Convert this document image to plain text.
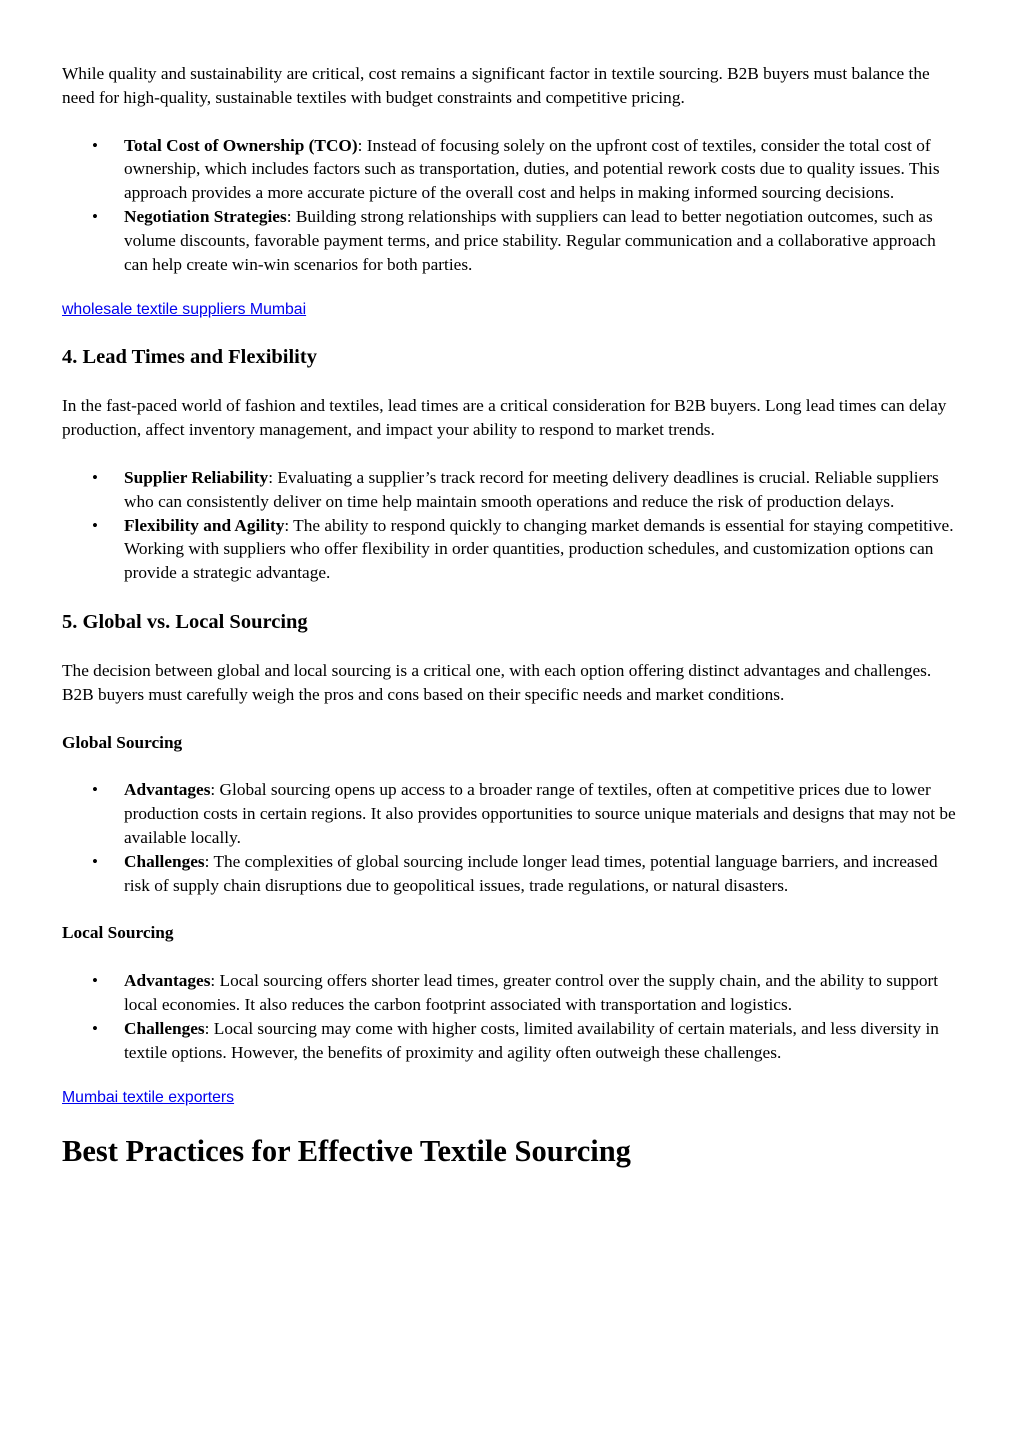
While quality and sustainability are critical, cost remains a significant factor in textile sourcing. B2B buyers must balance the need for high-quality, sustainable textiles with budget constraints and competitive pricing.

• Total Cost of Ownership (TCO): Instead of focusing solely on the upfront cost of textiles, consider the total cost of ownership, which includes factors such as transportation, duties, and potential rework costs due to quality issues. This approach provides a more accurate picture of the overall cost and helps in making informed sourcing decisions.
• Negotiation Strategies: Building strong relationships with suppliers can lead to better negotiation outcomes, such as volume discounts, favorable payment terms, and price stability. Regular communication and a collaborative approach can help create win-win scenarios for both parties.
wholesale textile suppliers Mumbai
4. Lead Times and Flexibility

In the fast-paced world of fashion and textiles, lead times are a critical consideration for B2B buyers. Long lead times can delay production, affect inventory management, and impact your ability to respond to market trends.

• Supplier Reliability: Evaluating a supplier’s track record for meeting delivery deadlines is crucial. Reliable suppliers who can consistently deliver on time help maintain smooth operations and reduce the risk of production delays.
• Flexibility and Agility: The ability to respond quickly to changing market demands is essential for staying competitive. Working with suppliers who offer flexibility in order quantities, production schedules, and customization options can provide a strategic advantage.
5. Global vs. Local Sourcing

The decision between global and local sourcing is a critical one, with each option offering distinct advantages and challenges. B2B buyers must carefully weigh the pros and cons based on their specific needs and market conditions.

Global Sourcing
• Advantages: Global sourcing opens up access to a broader range of textiles, often at competitive prices due to lower production costs in certain regions. It also provides opportunities to source unique materials and designs that may not be available locally.
• Challenges: The complexities of global sourcing include longer lead times, potential language barriers, and increased risk of supply chain disruptions due to geopolitical issues, trade regulations, or natural disasters.
Local Sourcing
• Advantages: Local sourcing offers shorter lead times, greater control over the supply chain, and the ability to support local economies. It also reduces the carbon footprint associated with transportation and logistics.
• Challenges: Local sourcing may come with higher costs, limited availability of certain materials, and less diversity in textile options. However, the benefits of proximity and agility often outweigh these challenges.
Mumbai textile exporters
Best Practices for Effective Textile Sourcing
